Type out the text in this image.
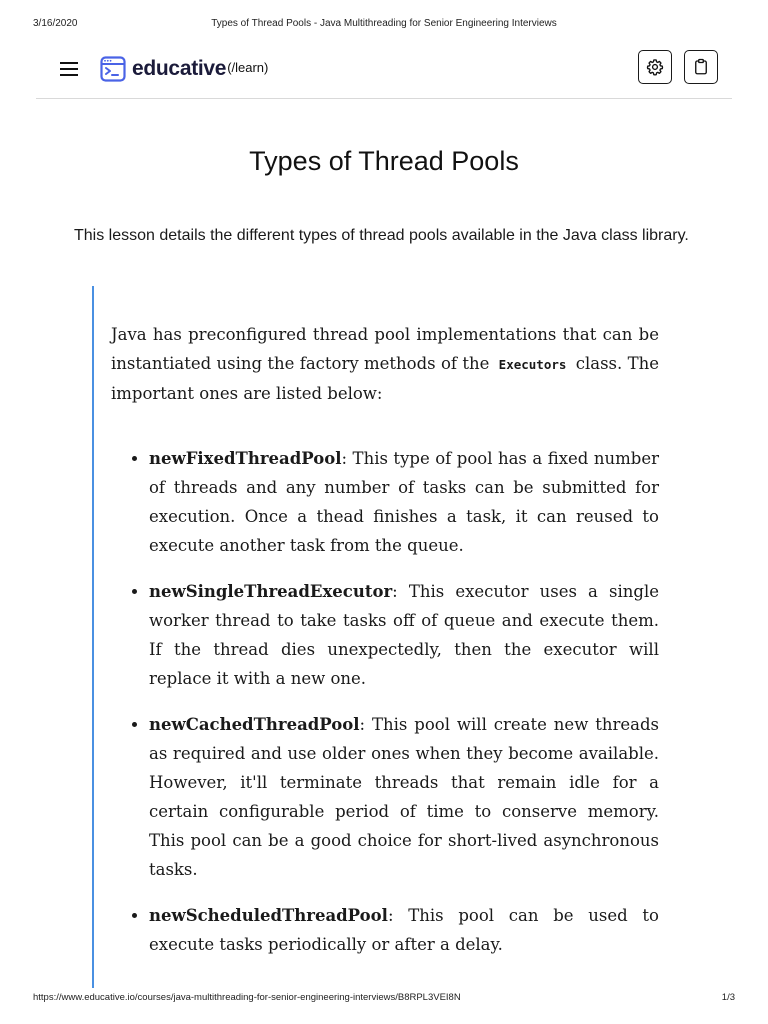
3/16/2020	Types of Thread Pools - Java Multithreading for Senior Engineering Interviews
educative (/learn)
Types of Thread Pools

This lesson details the different types of thread pools available in the Java class library.

Java has preconfigured thread pool implementations that can be instantiated using the factory methods of the Executors class. The important ones are listed below:

• newFixedThreadPool: This type of pool has a fixed number of threads and any number of tasks can be submitted for execution. Once a thead finishes a task, it can reused to execute another task from the queue.
• newSingleThreadExecutor: This executor uses a single worker thread to take tasks off of queue and execute them. If the thread dies unexpectedly, then the executor will replace it with a new one.
• newCachedThreadPool: This pool will create new threads as required and use older ones when they become available. However, it'll terminate threads that remain idle for a certain configurable period of time to conserve memory. This pool can be a good choice for short-lived asynchronous tasks.
• newScheduledThreadPool: This pool can be used to execute tasks periodically or after a delay.
https://www.educative.io/courses/java-multithreading-for-senior-engineering-interviews/B8RPL3VEI8N	1/3
